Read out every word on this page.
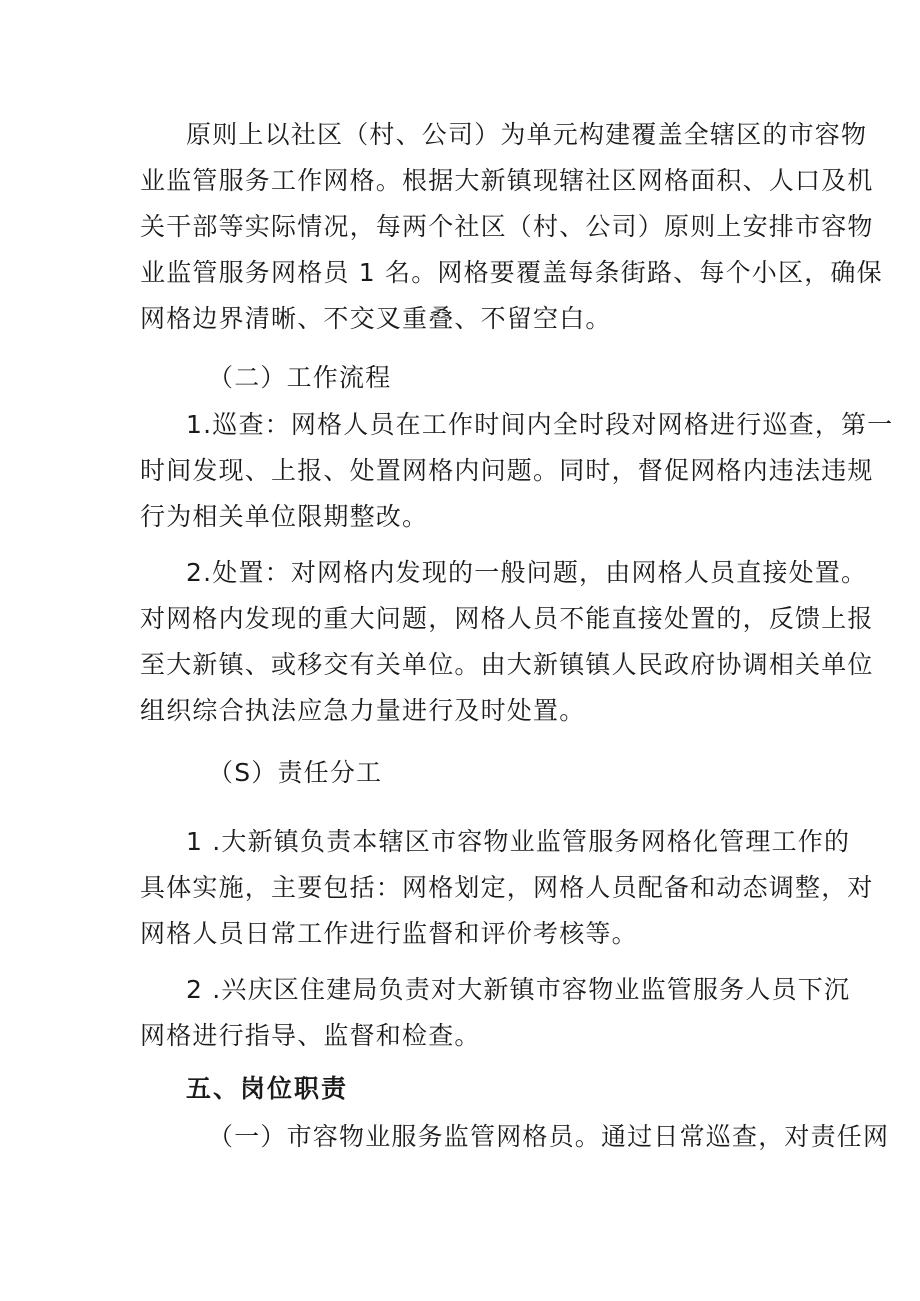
原则上以社区（村、公司）为单元构建覆盖全辖区的市容物
业监管服务工作网格。根据大新镇现辖社区网格面积、人口及机
关干部等实际情况，每两个社区（村、公司）原则上安排市容物
业监管服务网格员 1 名。网格要覆盖每条街路、每个小区，确保
网格边界清晰、不交叉重叠、不留空白。
（二）工作流程
1.巡查：网格人员在工作时间内全时段对网格进行巡查，第一
时间发现、上报、处置网格内问题。同时，督促网格内违法违规
行为相关单位限期整改。
2.处置：对网格内发现的一般问题，由网格人员直接处置。
对网格内发现的重大问题，网格人员不能直接处置的，反馈上报
至大新镇、或移交有关单位。由大新镇镇人民政府协调相关单位
组织综合执法应急力量进行及时处置。
（S）责任分工
1 .大新镇负责本辖区市容物业监管服务网格化管理工作的
具体实施，主要包括：网格划定，网格人员配备和动态调整，对
网格人员日常工作进行监督和评价考核等。
2 .兴庆区住建局负责对大新镇市容物业监管服务人员下沉
网格进行指导、监督和检查。
五、岗位职责
（一）市容物业服务监管网格员。通过日常巡查，对责任网
